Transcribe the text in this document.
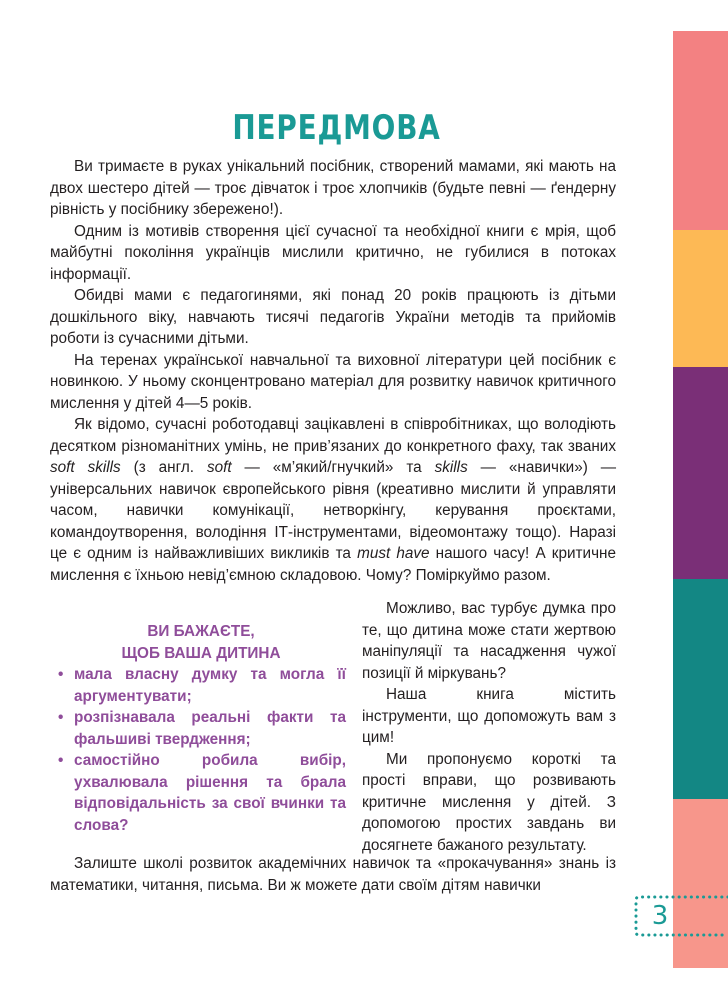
ПЕРЕДМОВА

Ви тримаєте в руках унікальний посібник, створений мамами, які мають на двох шестеро дітей — троє дівчаток і троє хлопчиків (будьте певні — ґендерну рівність у посібнику збережено!).

Одним із мотивів створення цієї сучасної та необхідної книги є мрія, щоб майбутні покоління українців мислили критично, не губилися в потоках інформації.

Обидві мами є педагогинями, які понад 20 років працюють із дітьми дошкільного віку, навчають тисячі педагогів України методів та прийомів роботи із сучасними дітьми.

На теренах української навчальної та виховної літератури цей посібник є новинкою. У ньому сконцентровано матеріал для розвитку навичок критичного мислення у дітей 4—5 років.

Як відомо, сучасні роботодавці зацікавлені в співробітниках, що володіють десятком різноманітних умінь, не прив’язаних до конкретного фаху, так званих soft skills (з англ. soft — «м’який/гнучкий» та skills — «навички») — універсальних навичок європейського рівня (креативно мислити й управляти часом, навички комунікації, нетворкінгу, керування проєктами, командоутворення, володіння ІТ-інструментами, відеомонтажу тощо). Наразі це є одним із найважливіших викликів та must have нашого часу! А критичне мислення є їхньою невід’ємною складовою. Чому? Поміркуймо разом.

ВИ БАЖАЄТЕ,

ЩОБ ВАША ДИТИНА

• мала власну думку та могла її аргументувати;
• розпізнавала реальні факти та фальшиві твердження;
• самостійно робила вибір, ухвалювала рішення та брала відповідальність за свої вчинки та слова?

Можливо, вас турбує думка про те, що дитина може стати жертвою маніпуляції та насадження чужої позиції й міркувань?

Наша книга містить інструменти, що допоможуть вам з цим!

Ми пропонуємо короткі та прості вправи, що розвивають критичне мислення у дітей. З допомогою простих завдань ви досягнете бажаного результату.

Залиште школі розвиток академічних навичок та «прокачування» знань із математики, читання, письма. Ви ж можете дати своїм дітям навички

3
